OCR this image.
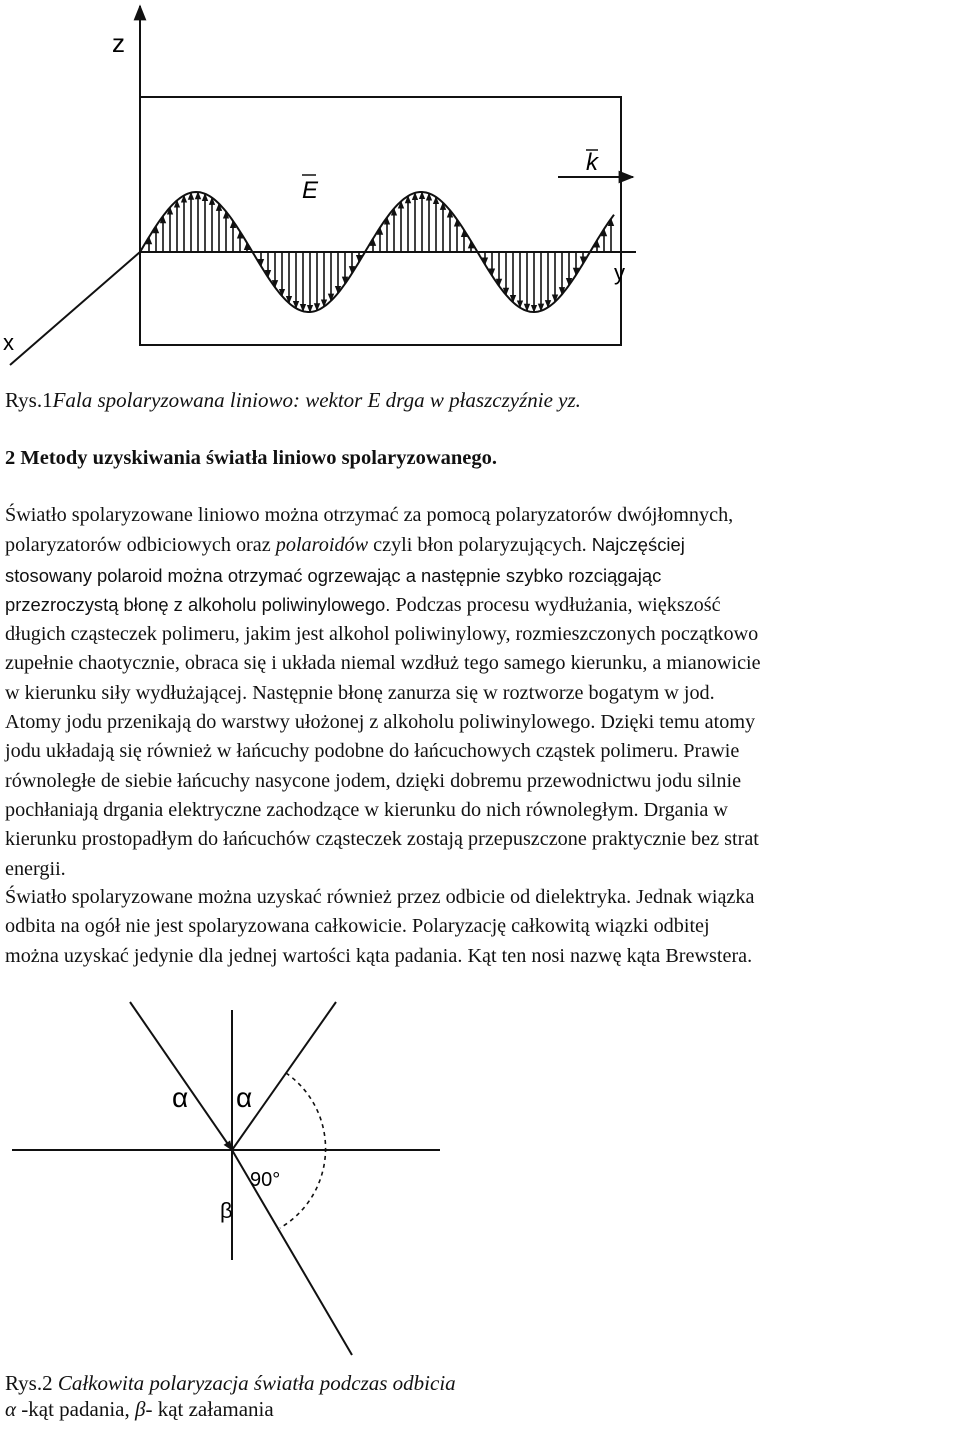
z
x
y
k
E
Rys.1Fala spolaryzowana liniowo: wektor E drga w płaszczyźnie yz.
2 Metody uzyskiwania światła liniowo spolaryzowanego.

Światło spolaryzowane liniowo można otrzymać za pomocą polaryzatorów dwójłomnych,
polaryzatorów odbiciowych oraz polaroidów czyli błon polaryzujących. Najczęściej
stosowany polaroid można otrzymać ogrzewając a następnie szybko rozciągając
przezroczystą błonę z alkoholu poliwinylowego. Podczas procesu wydłużania, większość
długich cząsteczek polimeru, jakim jest alkohol poliwinylowy, rozmieszczonych początkowo
zupełnie chaotycznie, obraca się i układa niemal wzdłuż tego samego kierunku, a mianowicie
w kierunku siły wydłużającej. Następnie błonę zanurza się w roztworze bogatym w jod.
Atomy jodu przenikają do warstwy ułożonej z alkoholu poliwinylowego. Dzięki temu atomy
jodu układają się również w łańcuchy podobne do łańcuchowych cząstek polimeru. Prawie
równoległe de siebie łańcuchy nasycone jodem, dzięki dobremu przewodnictwu jodu silnie
pochłaniają drgania elektryczne zachodzące w kierunku do nich równoległym. Drgania w
kierunku prostopadłym do łańcuchów cząsteczek zostają przepuszczone praktycznie bez strat
energii.

Światło spolaryzowane można uzyskać również przez odbicie od dielektryka. Jednak wiązka
odbita na ogół nie jest spolaryzowana całkowicie. Polaryzację całkowitą wiązki odbitej
można uzyskać jedynie dla jednej wartości kąta padania. Kąt ten nosi nazwę kąta Brewstera.

α α
90°
β
Rys.2 Całkowita polaryzacja światła podczas odbicia
α -kąt padania, β- kąt załamania
